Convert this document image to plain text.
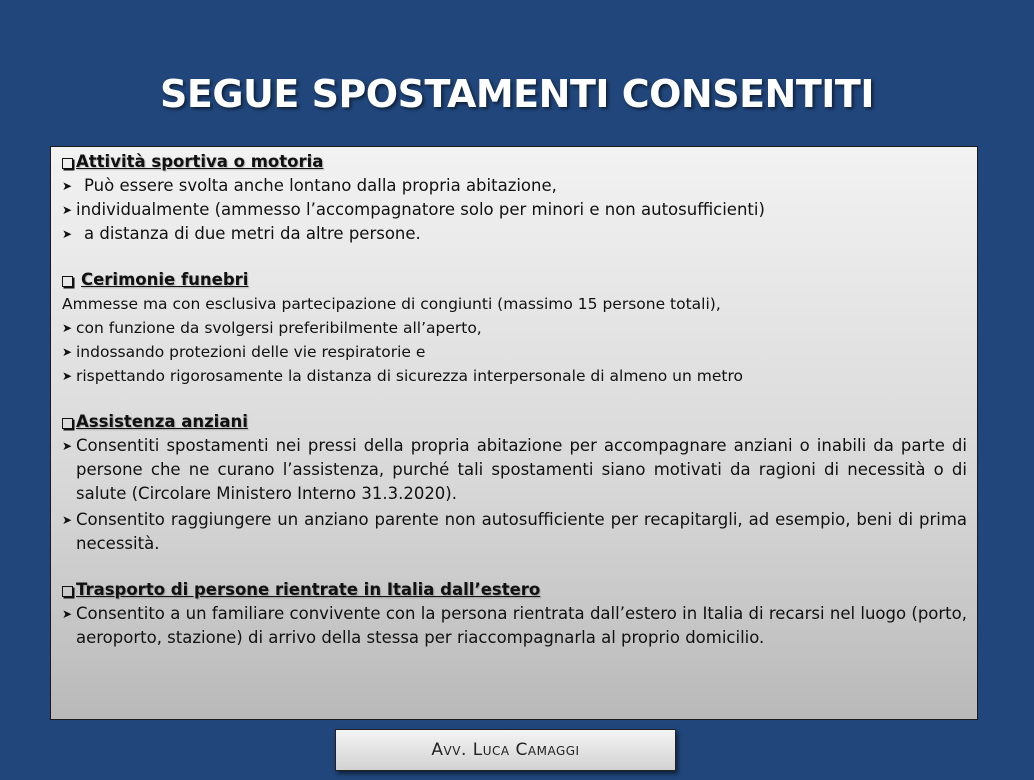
SEGUE SPOSTAMENTI CONSENTITI
Attività sportiva o motoria
➤ Può essere svolta anche lontano dalla propria abitazione,
➤ individualmente (ammesso l’accompagnatore solo per minori e non autosufficienti)
➤ a distanza di due metri da altre persone.
Cerimonie funebri
Ammesse ma con esclusiva partecipazione di congiunti (massimo 15 persone totali),
➤ con funzione da svolgersi preferibilmente all’aperto,
➤ indossando protezioni delle vie respiratorie e
➤ rispettando rigorosamente la distanza di sicurezza interpersonale di almeno un metro
Assistenza anziani
➤ Consentiti spostamenti nei pressi della propria abitazione per accompagnare anziani o inabili da parte di persone che ne curano l’assistenza, purché tali spostamenti siano motivati da ragioni di necessità o di salute (Circolare Ministero Interno 31.3.2020).
➤ Consentito raggiungere un anziano parente non autosufficiente per recapitargli, ad esempio, beni di prima necessità.
Trasporto di persone rientrate in Italia dall’estero
➤ Consentito a un familiare convivente con la persona rientrata dall’estero in Italia di recarsi nel luogo (porto, aeroporto, stazione) di arrivo della stessa per riaccompagnarla al proprio domicilio.
Avv. Luca Camaggi
